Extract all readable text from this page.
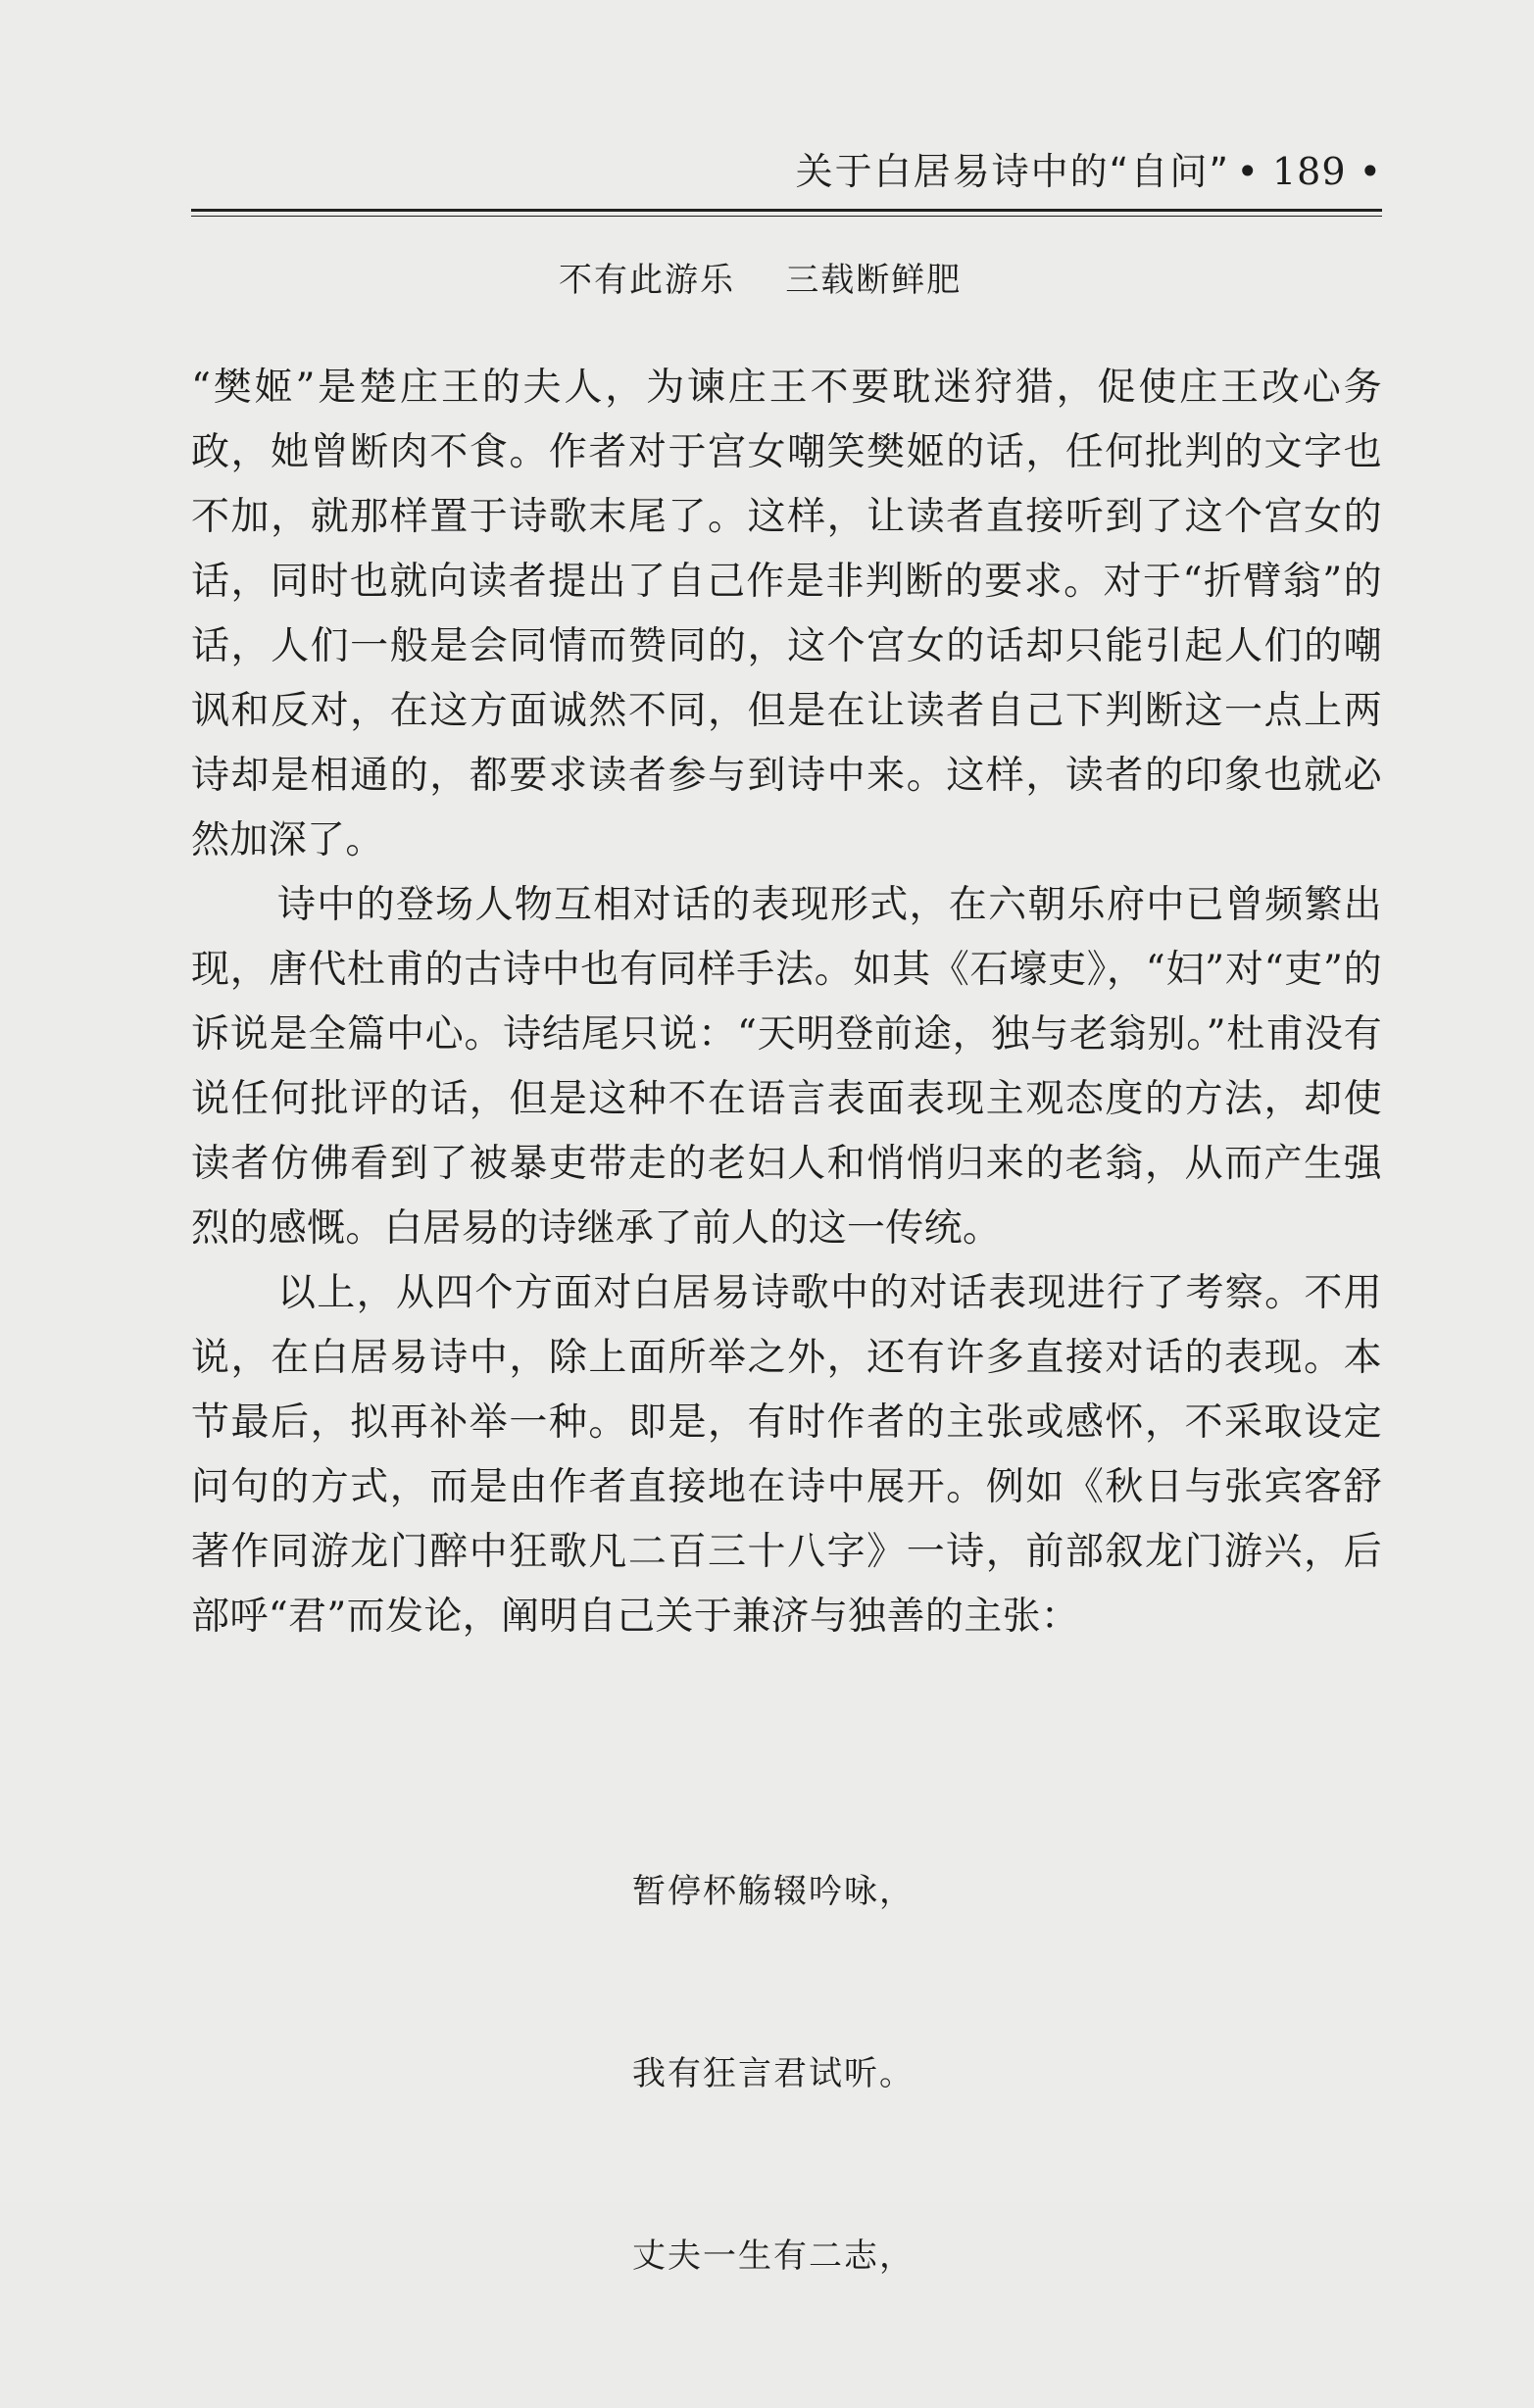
关于白居易诗中的“自问” • 189 •
不有此游乐    三载断鲜肥

“樊姬”是楚庄王的夫人，为谏庄王不要耽迷狩猎，促使庄王改心务政，她曾断肉不食。作者对于宫女嘲笑樊姬的话，任何批判的文字也不加，就那样置于诗歌末尾了。这样，让读者直接听到了这个宫女的话，同时也就向读者提出了自己作是非判断的要求。对于“折臂翁”的话，人们一般是会同情而赞同的，这个宫女的话却只能引起人们的嘲讽和反对，在这方面诚然不同，但是在让读者自己下判断这一点上两诗却是相通的，都要求读者参与到诗中来。这样，读者的印象也就必然加深了。

诗中的登场人物互相对话的表现形式，在六朝乐府中已曾频繁出现，唐代杜甫的古诗中也有同样手法。如其《石壕吏》，“妇”对“吏”的诉说是全篇中心。诗结尾只说：“天明登前途，独与老翁别。”杜甫没有说任何批评的话，但是这种不在语言表面表现主观态度的方法，却使读者仿佛看到了被暴吏带走的老妇人和悄悄归来的老翁，从而产生强烈的感慨。白居易的诗继承了前人的这一传统。

以上，从四个方面对白居易诗歌中的对话表现进行了考察。不用说，在白居易诗中，除上面所举之外，还有许多直接对话的表现。本节最后，拟再补举一种。即是，有时作者的主张或感怀，不采取设定问句的方式，而是由作者直接地在诗中展开。例如《秋日与张宾客舒著作同游龙门醉中狂歌凡二百三十八字》一诗，前部叙龙门游兴，后部呼“君”而发论，阐明自己关于兼济与独善的主张：

暂停杯觞辍吟咏，

我有狂言君试听。

丈夫一生有二志，
